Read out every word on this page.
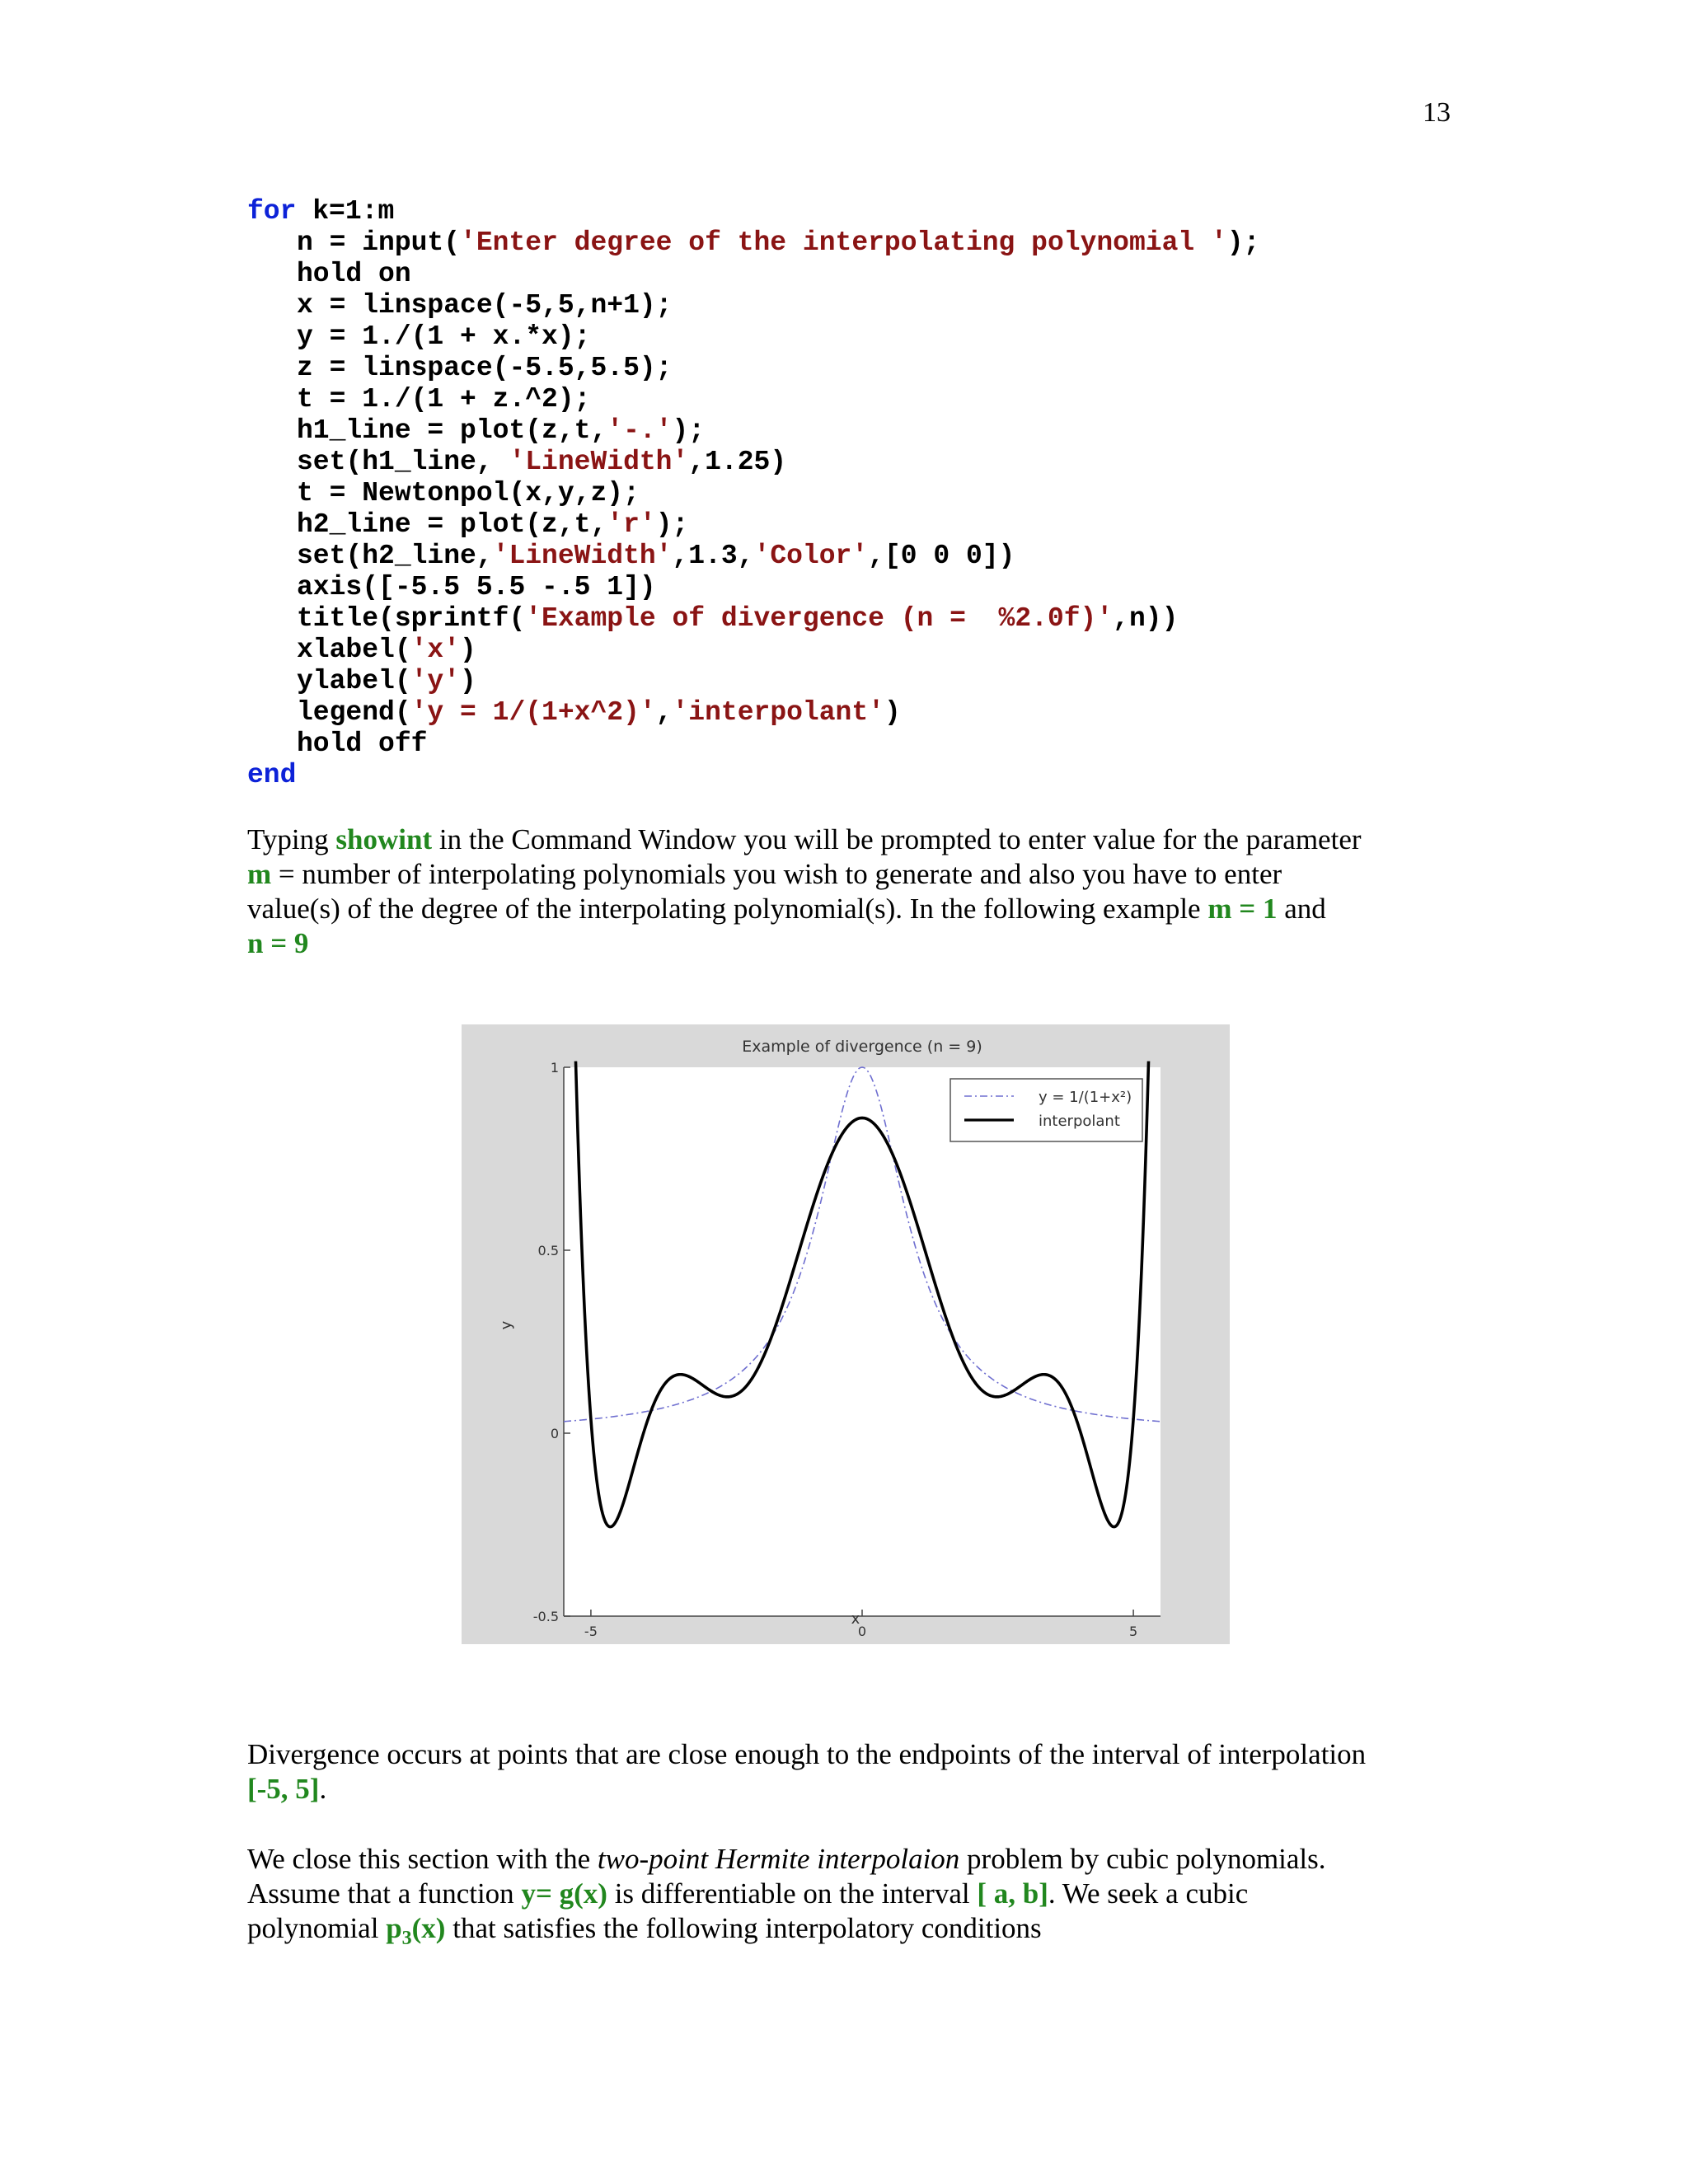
13
for k=1:m
n = input('Enter degree of the interpolating polynomial ');
hold on
x = linspace(-5,5,n+1);
y = 1./(1 + x.*x);
z = linspace(-5.5,5.5);
t = 1./(1 + z.^2);
h1_line = plot(z,t,'-.');
set(h1_line, 'LineWidth',1.25)
t = Newtonpol(x,y,z);
h2_line = plot(z,t,'r');
set(h2_line,'LineWidth',1.3,'Color',[0 0 0])
axis([-5.5 5.5 -.5 1])
title(sprintf('Example of divergence (n =  %2.0f)',n))
xlabel('x')
ylabel('y')
legend('y = 1/(1+x^2)','interpolant')
hold off
end

Typing showint in the Command Window you will be prompted to enter value for the parameter
m = number of interpolating polynomials you wish to generate and also you have to enter
value(s) of the degree of the interpolating polynomial(s). In the following example m = 1 and
n = 9

-0.5
0
0.5
1
-5	0	5
Example of divergence (n = 9)
x
y
y = 1/(1+x²)
interpolant

Divergence occurs at points that are close enough to the endpoints of the interval of interpolation
[-5, 5].

We close this section with the two-point Hermite interpolaion problem by cubic polynomials.
Assume that a function y= g(x) is differentiable on the interval [ a, b]. We seek a cubic
polynomial $p_3(x)$ that satisfies the following interpolatory conditions
